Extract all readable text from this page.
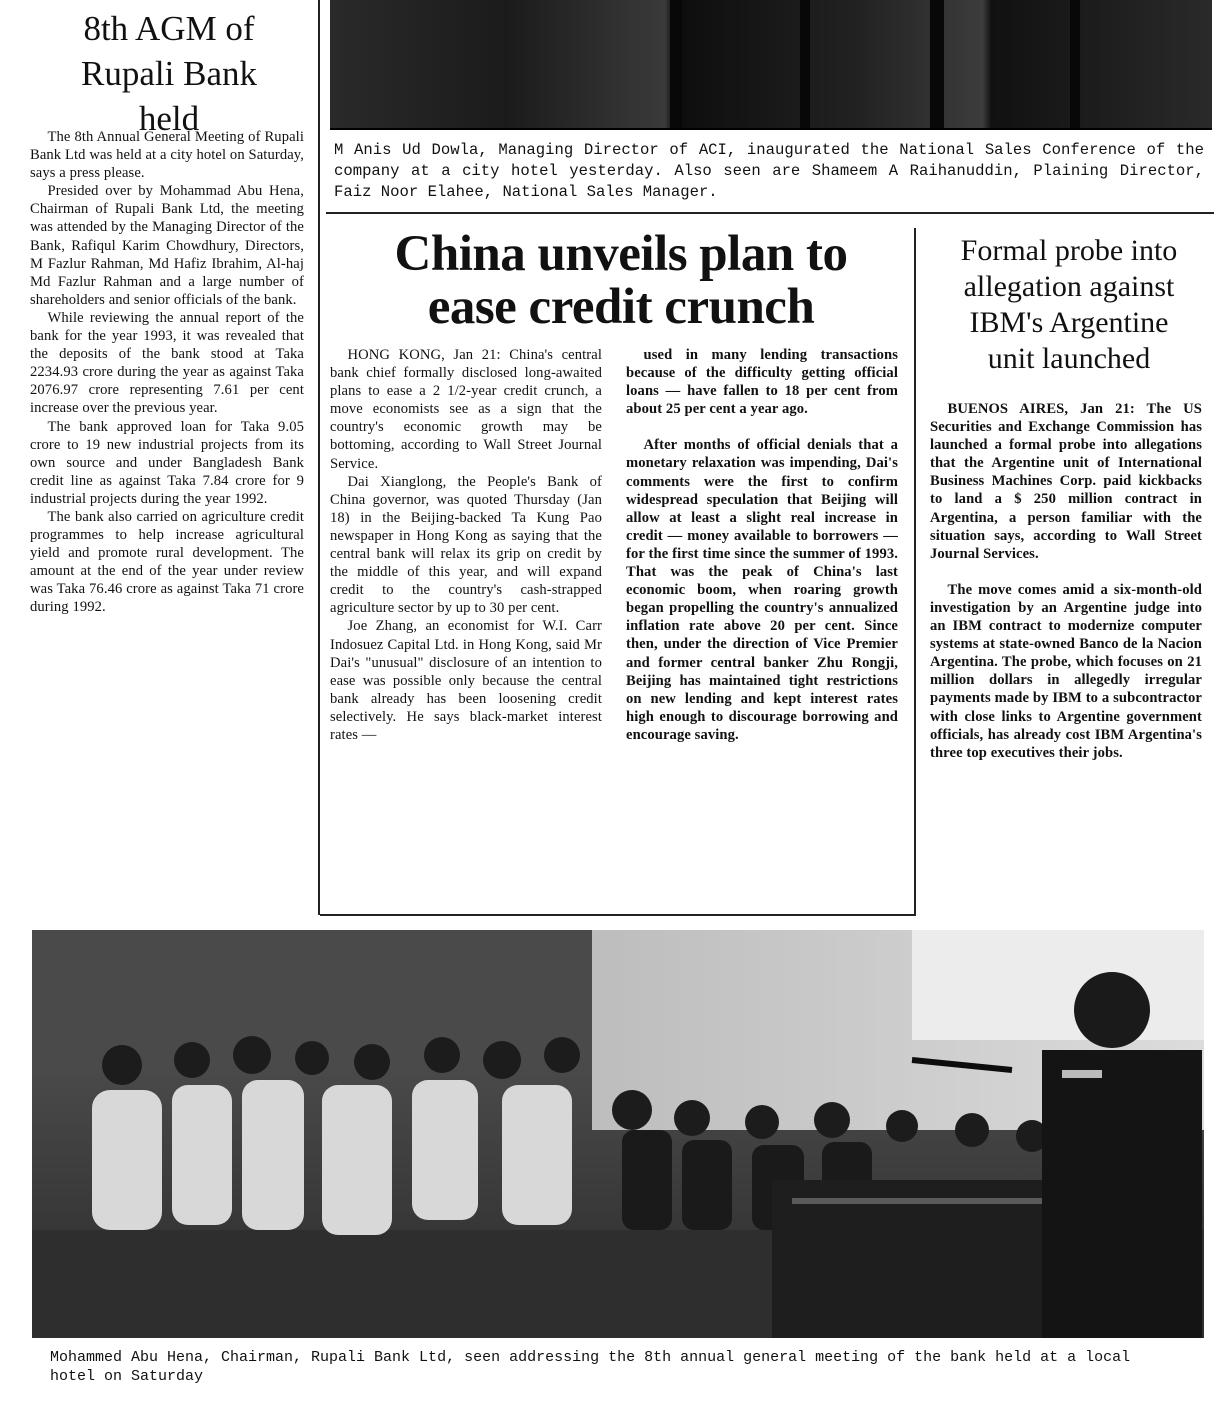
8th AGM of
Rupali Bank
held

The 8th Annual General Meeting of Rupali Bank Ltd was held at a city hotel on Saturday, says a press please.

Presided over by Mohammad Abu Hena, Chairman of Rupali Bank Ltd, the meeting was attended by the Managing Director of the Bank, Rafiqul Karim Chowdhury, Directors, M Fazlur Rahman, Md Hafiz Ibrahim, Al-haj Md Fazlur Rahman and a large number of shareholders and senior officials of the bank.

While reviewing the annual report of the bank for the year 1993, it was revealed that the deposits of the bank stood at Taka 2234.93 crore during the year as against Taka 2076.97 crore representing 7.61 per cent increase over the previous year.

The bank approved loan for Taka 9.05 crore to 19 new industrial projects from its own source and under Bangladesh Bank credit line as against Taka 7.84 crore for 9 industrial projects during the year 1992.

The bank also carried on agriculture credit programmes to help increase agricultural yield and promote rural development. The amount at the end of the year under review was Taka 76.46 crore as against Taka 71 crore during 1992.

M Anis Ud Dowla, Managing Director of ACI, inaugurated the National Sales Conference of the company at a city hotel yesterday. Also seen are Shameem A Raihanuddin, Plaining Director, Faiz Noor Elahee, National Sales Manager.
China unveils plan to
ease credit crunch

HONG KONG, Jan 21: China's central bank chief formally disclosed long-awaited plans to ease a 2 1/2-year credit crunch, a move economists see as a sign that the country's economic growth may be bottoming, according to Wall Street Journal Service.

Dai Xianglong, the People's Bank of China governor, was quoted Thursday (Jan 18) in the Beijing-backed Ta Kung Pao newspaper in Hong Kong as saying that the central bank will relax its grip on credit by the middle of this year, and will expand credit to the country's cash-strapped agriculture sector by up to 30 per cent.

Joe Zhang, an economist for W.I. Carr Indosuez Capital Ltd. in Hong Kong, said Mr Dai's "unusual" disclosure of an intention to ease was possible only because the central bank already has been loosening credit selectively. He says black-market interest rates —

used in many lending transactions because of the difficulty getting official loans — have fallen to 18 per cent from about 25 per cent a year ago.

After months of official denials that a monetary relaxation was impending, Dai's comments were the first to confirm widespread speculation that Beijing will allow at least a slight real increase in credit — money available to borrowers — for the first time since the summer of 1993. That was the peak of China's last economic boom, when roaring growth began propelling the country's annualized inflation rate above 20 per cent. Since then, under the direction of Vice Premier and former central banker Zhu Rongji, Beijing has maintained tight restrictions on new lending and kept interest rates high enough to discourage borrowing and encourage saving.

Formal probe into
allegation against
IBM's Argentine
unit launched

BUENOS AIRES, Jan 21: The US Securities and Exchange Commission has launched a formal probe into allegations that the Argentine unit of International Business Machines Corp. paid kickbacks to land a $ 250 million contract in Argentina, a person familiar with the situation says, according to Wall Street Journal Services.

The move comes amid a six-month-old investigation by an Argentine judge into an IBM contract to modernize computer systems at state-owned Banco de la Nacion Argentina. The probe, which focuses on 21 million dollars in allegedly irregular payments made by IBM to a subcontractor with close links to Argentine government officials, has already cost IBM Argentina's three top executives their jobs.

Mohammed Abu Hena, Chairman, Rupali Bank Ltd, seen addressing the 8th annual general meeting of the bank held at a local hotel on Saturday
